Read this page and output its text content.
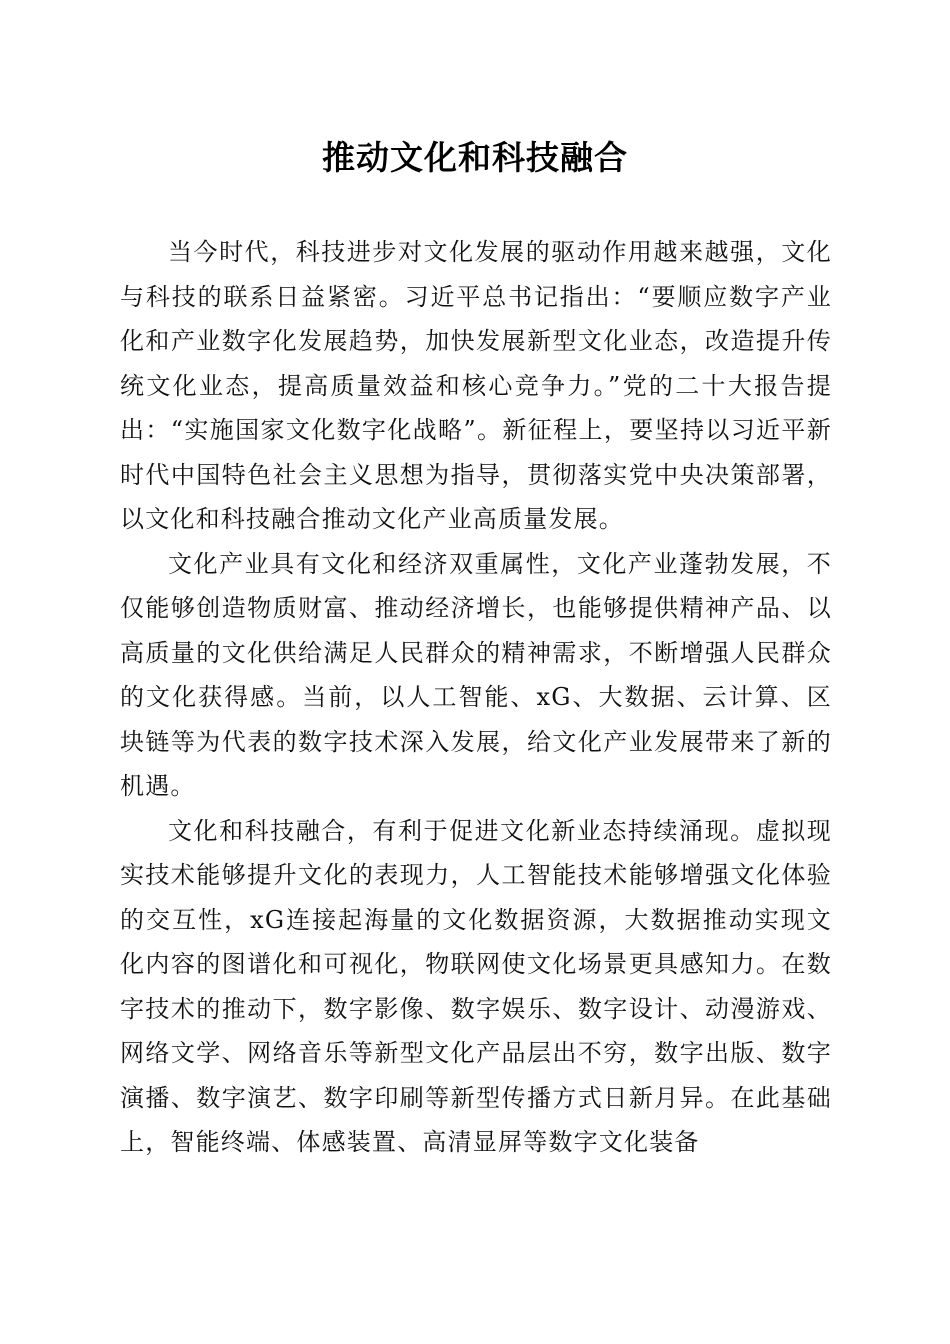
推动文化和科技融合

当今时代，科技进步对文化发展的驱动作用越来越强，文化与科技的联系日益紧密。习近平总书记指出：“要顺应数字产业化和产业数字化发展趋势，加快发展新型文化业态，改造提升传统文化业态，提高质量效益和核心竞争力。”党的二十大报告提出：“实施国家文化数字化战略”。新征程上，要坚持以习近平新时代中国特色社会主义思想为指导，贯彻落实党中央决策部署，以文化和科技融合推动文化产业高质量发展。

文化产业具有文化和经济双重属性，文化产业蓬勃发展，不仅能够创造物质财富、推动经济增长，也能够提供精神产品、以高质量的文化供给满足人民群众的精神需求，不断增强人民群众的文化获得感。当前，以人工智能、xG、大数据、云计算、区块链等为代表的数字技术深入发展，给文化产业发展带来了新的机遇。

文化和科技融合，有利于促进文化新业态持续涌现。虚拟现实技术能够提升文化的表现力，人工智能技术能够增强文化体验的交互性，xG连接起海量的文化数据资源，大数据推动实现文化内容的图谱化和可视化，物联网使文化场景更具感知力。在数字技术的推动下，数字影像、数字娱乐、数字设计、动漫游戏、网络文学、网络音乐等新型文化产品层出不穷，数字出版、数字演播、数字演艺、数字印刷等新型传播方式日新月异。在此基础上，智能终端、体感装置、高清显屏等数字文化装备
